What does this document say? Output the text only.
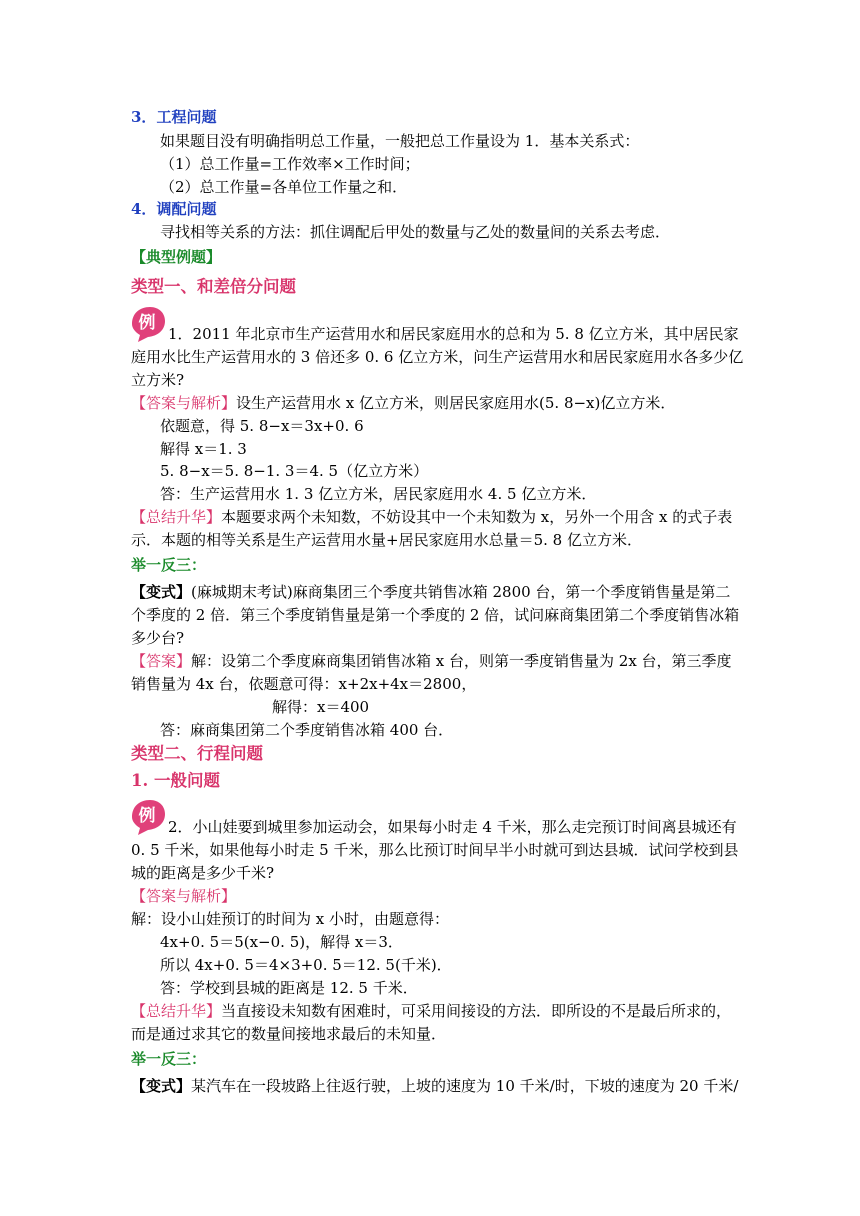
3．工程问题
如果题目没有明确指明总工作量，一般把总工作量设为 1．基本关系式：
（1）总工作量=工作效率×工作时间；
（2）总工作量=各单位工作量之和．
4．调配问题
寻找相等关系的方法：抓住调配后甲处的数量与乙处的数量间的关系去考虑．
【典型例题】
类型一、和差倍分问题
例
1．2011 年北京市生产运营用水和居民家庭用水的总和为 5. 8 亿立方米，其中居民家
庭用水比生产运营用水的 3 倍还多 0. 6 亿立方米，问生产运营用水和居民家庭用水各多少亿
立方米?
【答案与解析】设生产运营用水 x 亿立方米，则居民家庭用水(5. 8−x)亿立方米．
依题意，得 5. 8−x＝3x+0. 6
解得 x＝1. 3
5. 8−x＝5. 8−1. 3＝4. 5（亿立方米）
答：生产运营用水 1. 3 亿立方米，居民家庭用水 4. 5 亿立方米．
【总结升华】本题要求两个未知数，不妨设其中一个未知数为 x，另外一个用含 x 的式子表
示．本题的相等关系是生产运营用水量+居民家庭用水总量＝5. 8 亿立方米．
举一反三：
【变式】(麻城期末考试)麻商集团三个季度共销售冰箱 2800 台，第一个季度销售量是第二
个季度的 2 倍．第三个季度销售量是第一个季度的 2 倍，试问麻商集团第二个季度销售冰箱
多少台?
【答案】解：设第二个季度麻商集团销售冰箱 x 台，则第一季度销售量为 2x 台，第三季度
销售量为 4x 台，依题意可得：x+2x+4x＝2800，
解得：x＝400
答：麻商集团第二个季度销售冰箱 400 台．
类型二、行程问题
1. 一般问题
例
2．小山娃要到城里参加运动会，如果每小时走 4 千米，那么走完预订时间离县城还有
0. 5 千米，如果他每小时走 5 千米，那么比预订时间早半小时就可到达县城．试问学校到县
城的距离是多少千米?
【答案与解析】
解：设小山娃预订的时间为 x 小时，由题意得：
4x+0. 5＝5(x−0. 5)，解得 x＝3．
所以 4x+0. 5＝4×3+0. 5＝12. 5(千米)．
答：学校到县城的距离是 12. 5 千米．
【总结升华】当直接设未知数有困难时，可采用间接设的方法．即所设的不是最后所求的，
而是通过求其它的数量间接地求最后的未知量．
举一反三：
【变式】某汽车在一段坡路上往返行驶，上坡的速度为 10 千米/时，下坡的速度为 20 千米/
